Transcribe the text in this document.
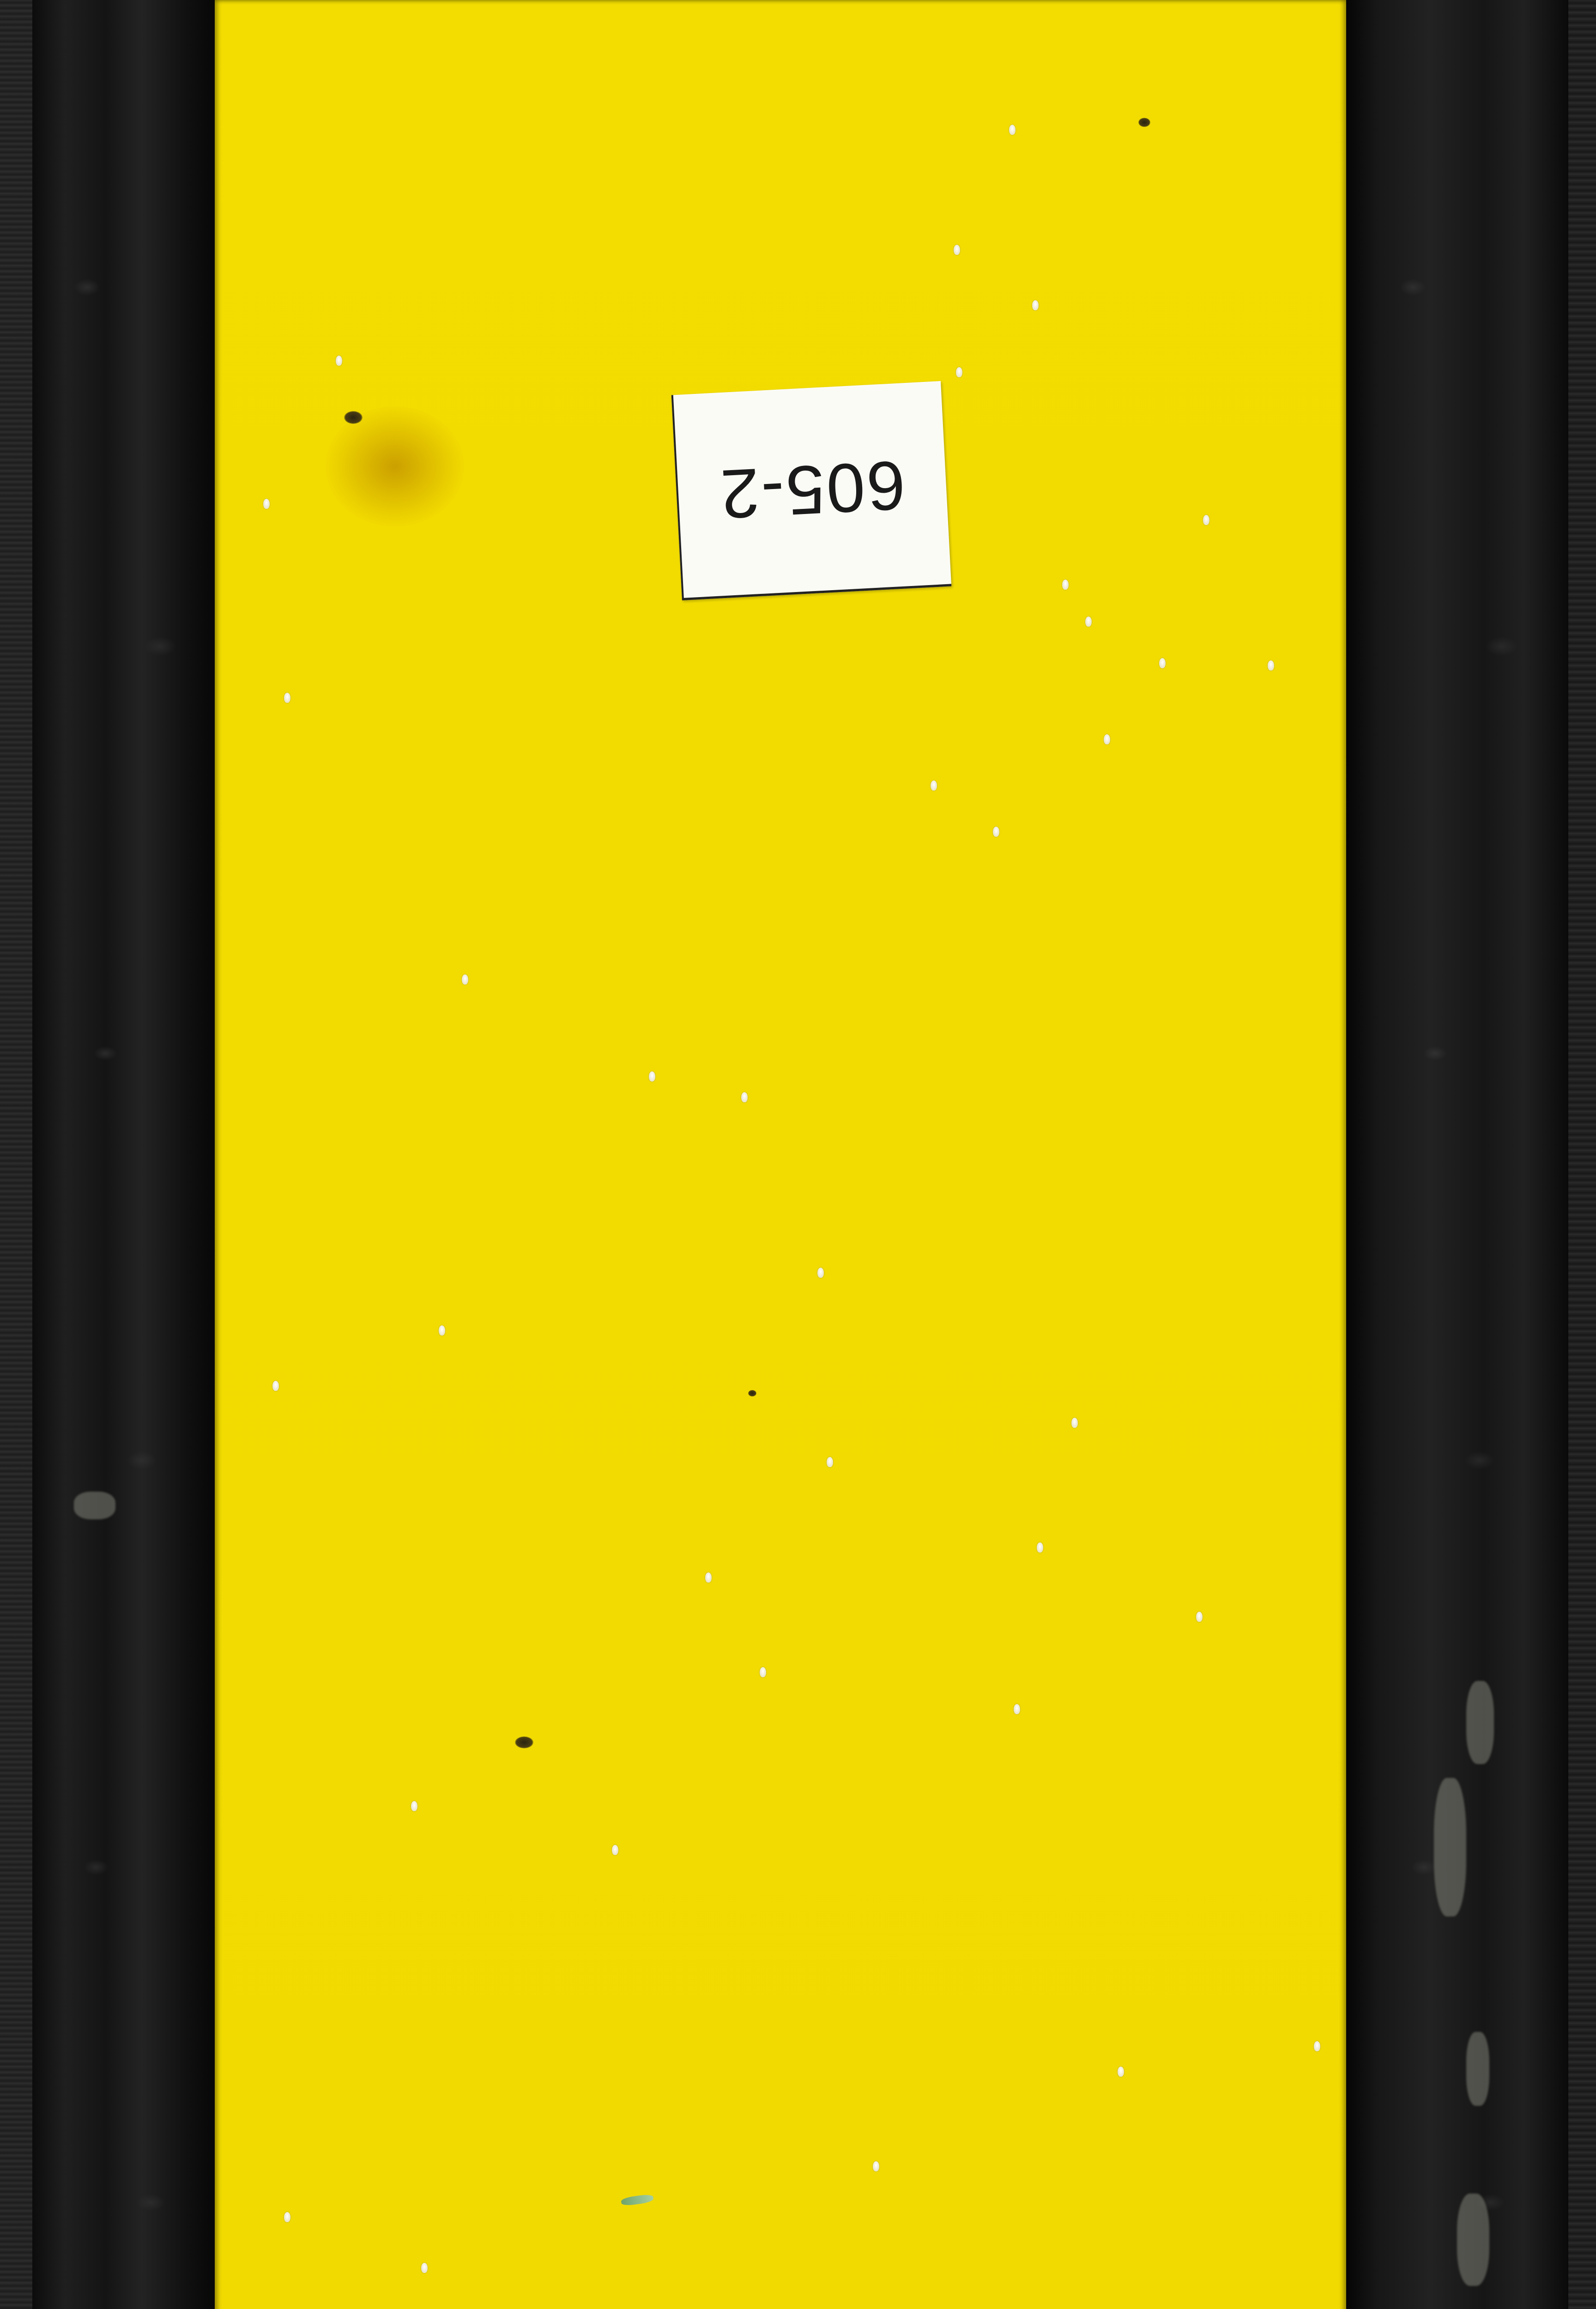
605-2
